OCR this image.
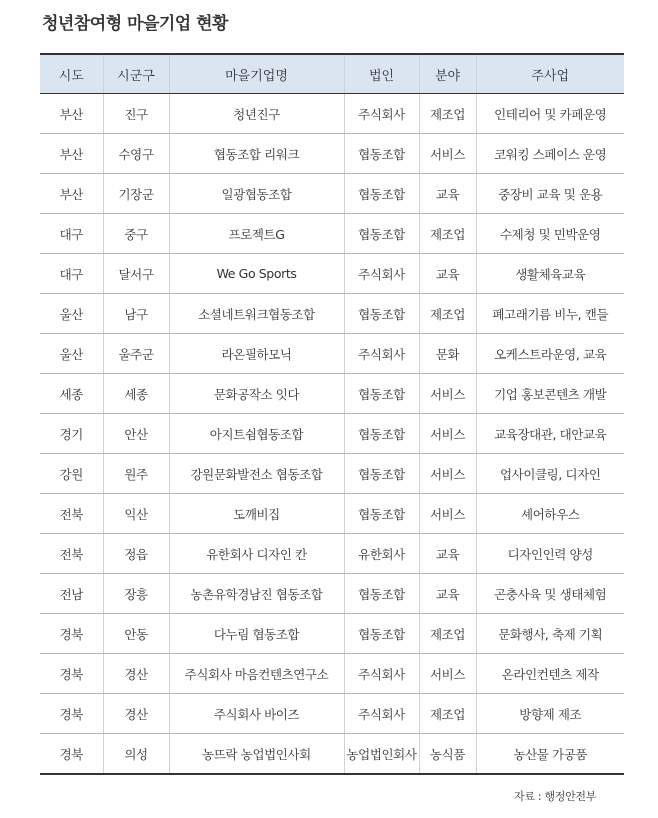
청년참여형 마을기업 현황
시도	시군구	마을기업명	법인	분야	주사업
부산	진구	청년진구	주식회사	제조업	인테리어 및 카페운영
부산	수영구	협동조합 리워크	협동조합	서비스	코워킹 스페이스 운영
부산	기장군	일광협동조합	협동조합	교육	중장비 교육 및 운용
대구	중구	프로젝트G	협동조합	제조업	수제청 및 민박운영
대구	달서구	We Go Sports	주식회사	교육	생활체육교육
울산	남구	소셜네트워크협동조합	협동조합	제조업	폐고래기름 비누, 캔들
울산	울주군	라온필하모닉	주식회사	문화	오케스트라운영, 교육
세종	세종	문화공작소 잇다	협동조합	서비스	기업 홍보콘텐츠 개발
경기	안산	아지트쉼협동조합	협동조합	서비스	교육장대관, 대안교육
강원	원주	강원문화발전소 협동조합	협동조합	서비스	업사이클링, 디자인
전북	익산	도깨비집	협동조합	서비스	셰어하우스
전북	정읍	유한회사 디자인 칸	유한회사	교육	디자인인력 양성
전남	장흥	농촌유학경남진 협동조합	협동조합	교육	곤충사육 및 생태체험
경북	안동	다누림 협동조합	협동조합	제조업	문화행사, 축제 기획
경북	경산	주식회사 마음컨텐츠연구소	주식회사	서비스	온라인컨텐츠 제작
경북	경산	주식회사 바이즈	주식회사	제조업	방향제 제조
경북	의성	농뜨락 농업법인사회	농업법인회사	농식품	농산물 가공품
자료 : 행정안전부
